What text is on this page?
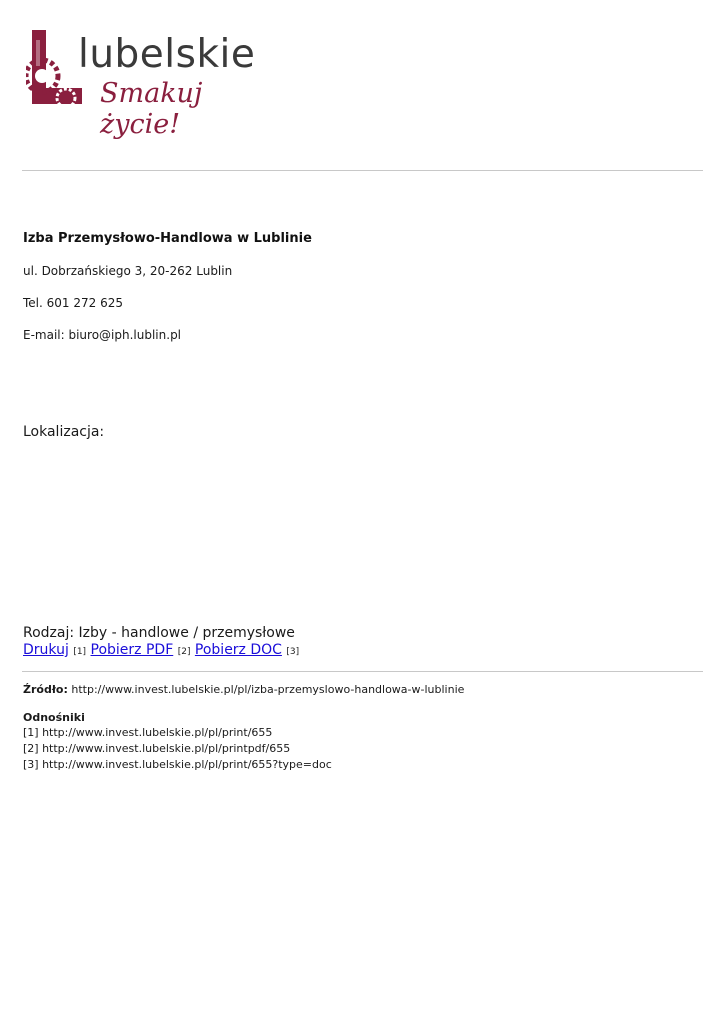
lubelskie
Smakuj życie!
Izba Przemysłowo-Handlowa w Lublinie
ul. Dobrzańskiego 3, 20-262 Lublin
Tel. 601 272 625
E-mail: biuro@iph.lublin.pl
Lokalizacja:
Rodzaj: Izby - handlowe / przemysłowe
Drukuj [1] Pobierz PDF [2] Pobierz DOC [3]
Źródło: http://www.invest.lubelskie.pl/pl/izba-przemyslowo-handlowa-w-lublinie
Odnośniki
[1] http://www.invest.lubelskie.pl/pl/print/655
[2] http://www.invest.lubelskie.pl/pl/printpdf/655
[3] http://www.invest.lubelskie.pl/pl/print/655?type=doc
